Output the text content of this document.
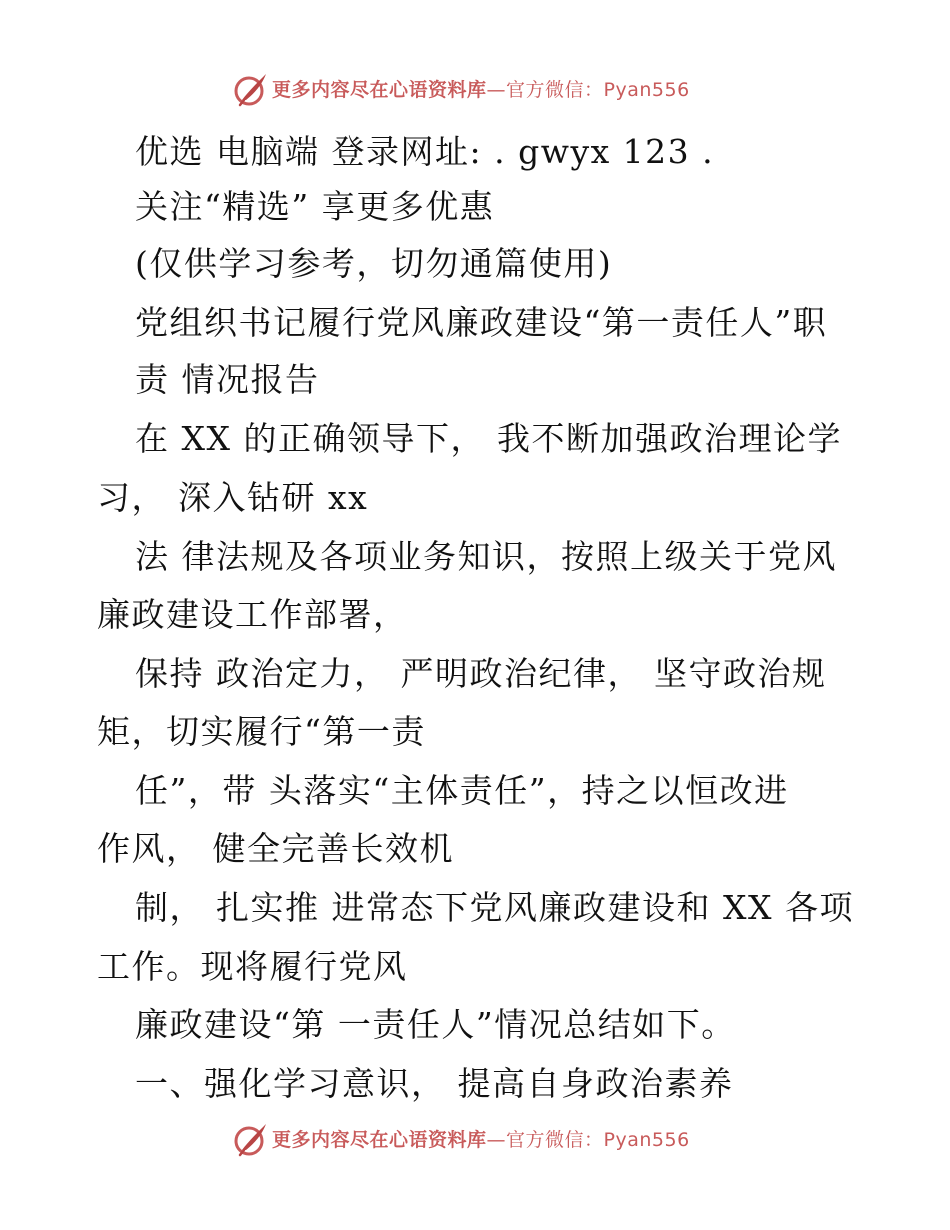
更多内容尽在心语资料库—官方微信：Pyan556
优选 电脑端 登录网址: . gwyx 123 .
关注“精选” 享更多优惠
(仅供学习参考，切勿通篇使用)
党组织书记履行党风廉政建设“第一责任人”职
责 情况报告
在 XX 的正确领导下， 我不断加强政治理论学
习， 深入钻研 xx
法 律法规及各项业务知识，按照上级关于党风
廉政建设工作部署，
保持 政治定力， 严明政治纪律， 坚守政治规
矩，切实履行“第一责
任”，带 头落实“主体责任”，持之以恒改进
作风， 健全完善长效机
制， 扎实推 进常态下党风廉政建设和 XX 各项
工作。现将履行党风
廉政建设“第 一责任人”情况总结如下。
一、强化学习意识， 提高自身政治素养
更多内容尽在心语资料库—官方微信：Pyan556
